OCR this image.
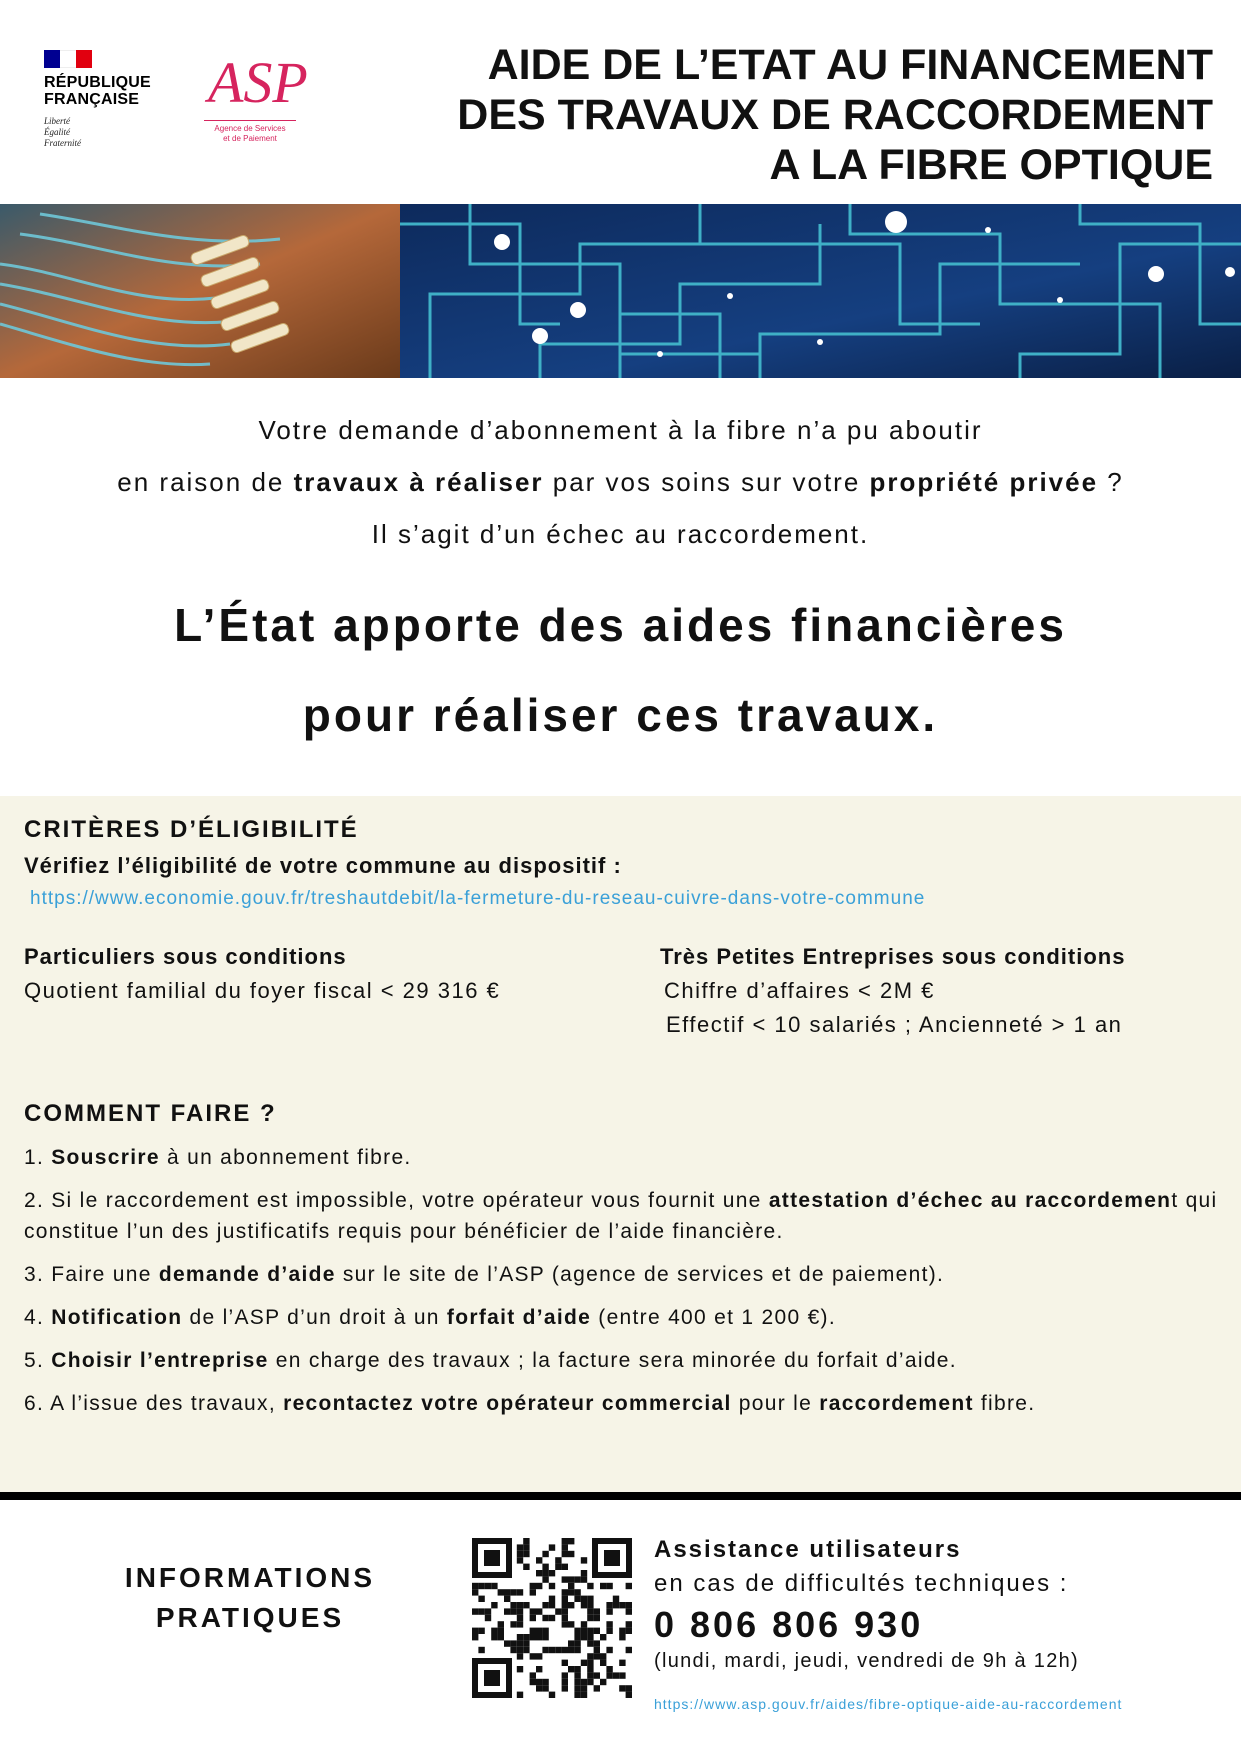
RÉPUBLIQUE
FRANÇAISE
Liberté
Égalité
Fraternité
ASP
Agence de Services
et de Paiement
AIDE DE L’ETAT AU FINANCEMENT
DES TRAVAUX DE RACCORDEMENT
A LA FIBRE OPTIQUE
Votre demande d’abonnement à la fibre n’a pu aboutir
en raison de travaux à réaliser par vos soins sur votre propriété privée ?
Il s’agit d’un échec au raccordement.
L’État apporte des aides financières
pour réaliser ces travaux.
CRITÈRES D’ÉLIGIBILITÉ
Vérifiez l’éligibilité de votre commune au dispositif :
https://www.economie.gouv.fr/treshautdebit/la-fermeture-du-reseau-cuivre-dans-votre-commune
Particuliers sous conditions
Quotient familial du foyer fiscal < 29 316 €
Très Petites Entreprises sous conditions
Chiffre d’affaires < 2M €
Effectif < 10 salariés ; Ancienneté > 1 an
COMMENT FAIRE ?
1. Souscrire à un abonnement fibre.
2. Si le raccordement est impossible, votre opérateur vous fournit une attestation d’échec au raccordement qui constitue l’un des justificatifs requis pour bénéficier de l’aide financière.
3. Faire une demande d’aide sur le site de l’ASP (agence de services et de paiement).
4. Notification de l’ASP d’un droit à un forfait d’aide (entre 400 et 1 200 €).
5. Choisir l’entreprise en charge des travaux ; la facture sera minorée du forfait d’aide.
6. A l’issue des travaux, recontactez votre opérateur commercial pour le raccordement fibre.
INFORMATIONS
PRATIQUES
Assistance utilisateurs
en cas de difficultés techniques :
0 806 806 930
(lundi, mardi, jeudi, vendredi de 9h à 12h)
https://www.asp.gouv.fr/aides/fibre-optique-aide-au-raccordement
